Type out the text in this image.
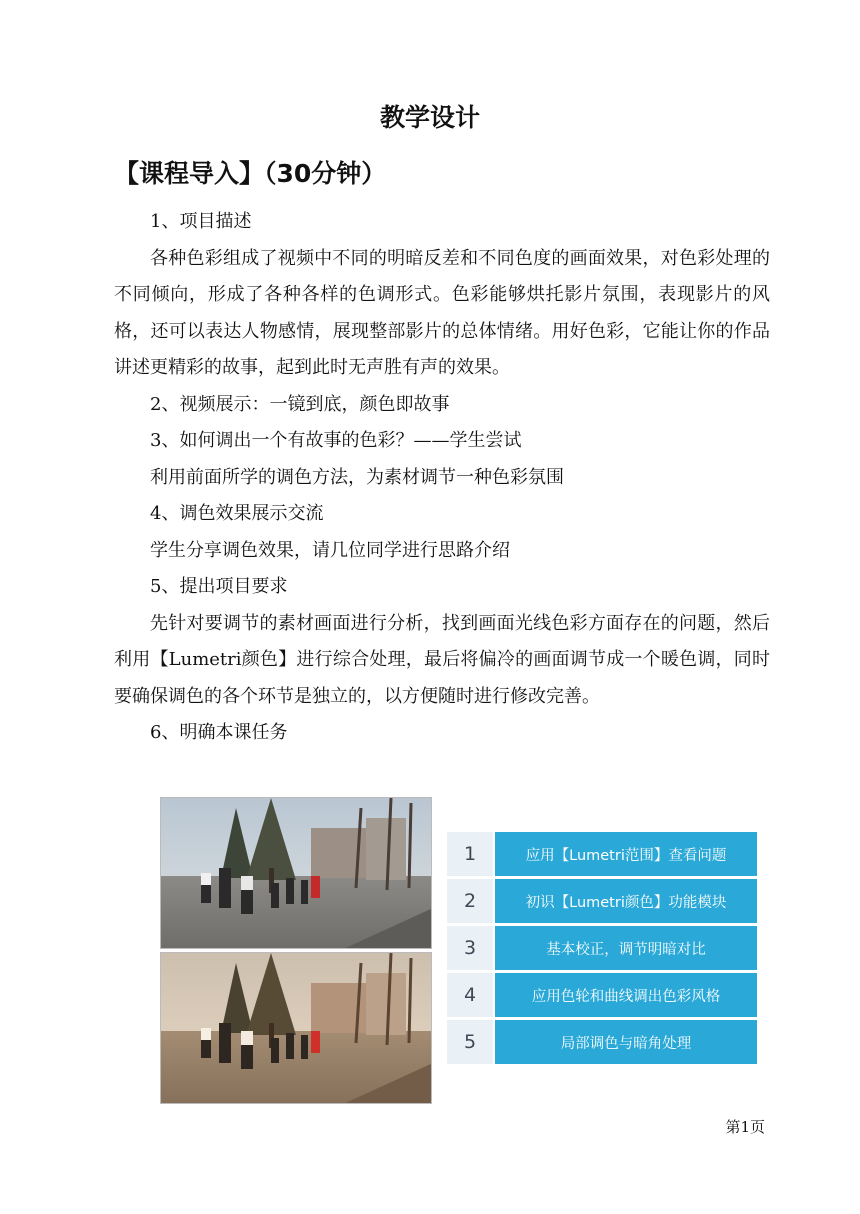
教学设计
【课程导入】（30分钟）

1、项目描述

各种色彩组成了视频中不同的明暗反差和不同色度的画面效果，对色彩处理的不同倾向，形成了各种各样的色调形式。色彩能够烘托影片氛围，表现影片的风格，还可以表达人物感情，展现整部影片的总体情绪。用好色彩，它能让你的作品讲述更精彩的故事，起到此时无声胜有声的效果。

2、视频展示：一镜到底，颜色即故事

3、如何调出一个有故事的色彩？——学生尝试

利用前面所学的调色方法，为素材调节一种色彩氛围

4、调色效果展示交流

学生分享调色效果，请几位同学进行思路介绍

5、提出项目要求

先针对要调节的素材画面进行分析，找到画面光线色彩方面存在的问题，然后利用【Lumetri颜色】进行综合处理，最后将偏冷的画面调节成一个暖色调，同时要确保调色的各个环节是独立的，以方便随时进行修改完善。

6、明确本课任务

1	应用【Lumetri范围】查看问题
2	初识【Lumetri颜色】功能模块
3	基本校正，调节明暗对比
4	应用色轮和曲线调出色彩风格
5	局部调色与暗角处理
第1页
